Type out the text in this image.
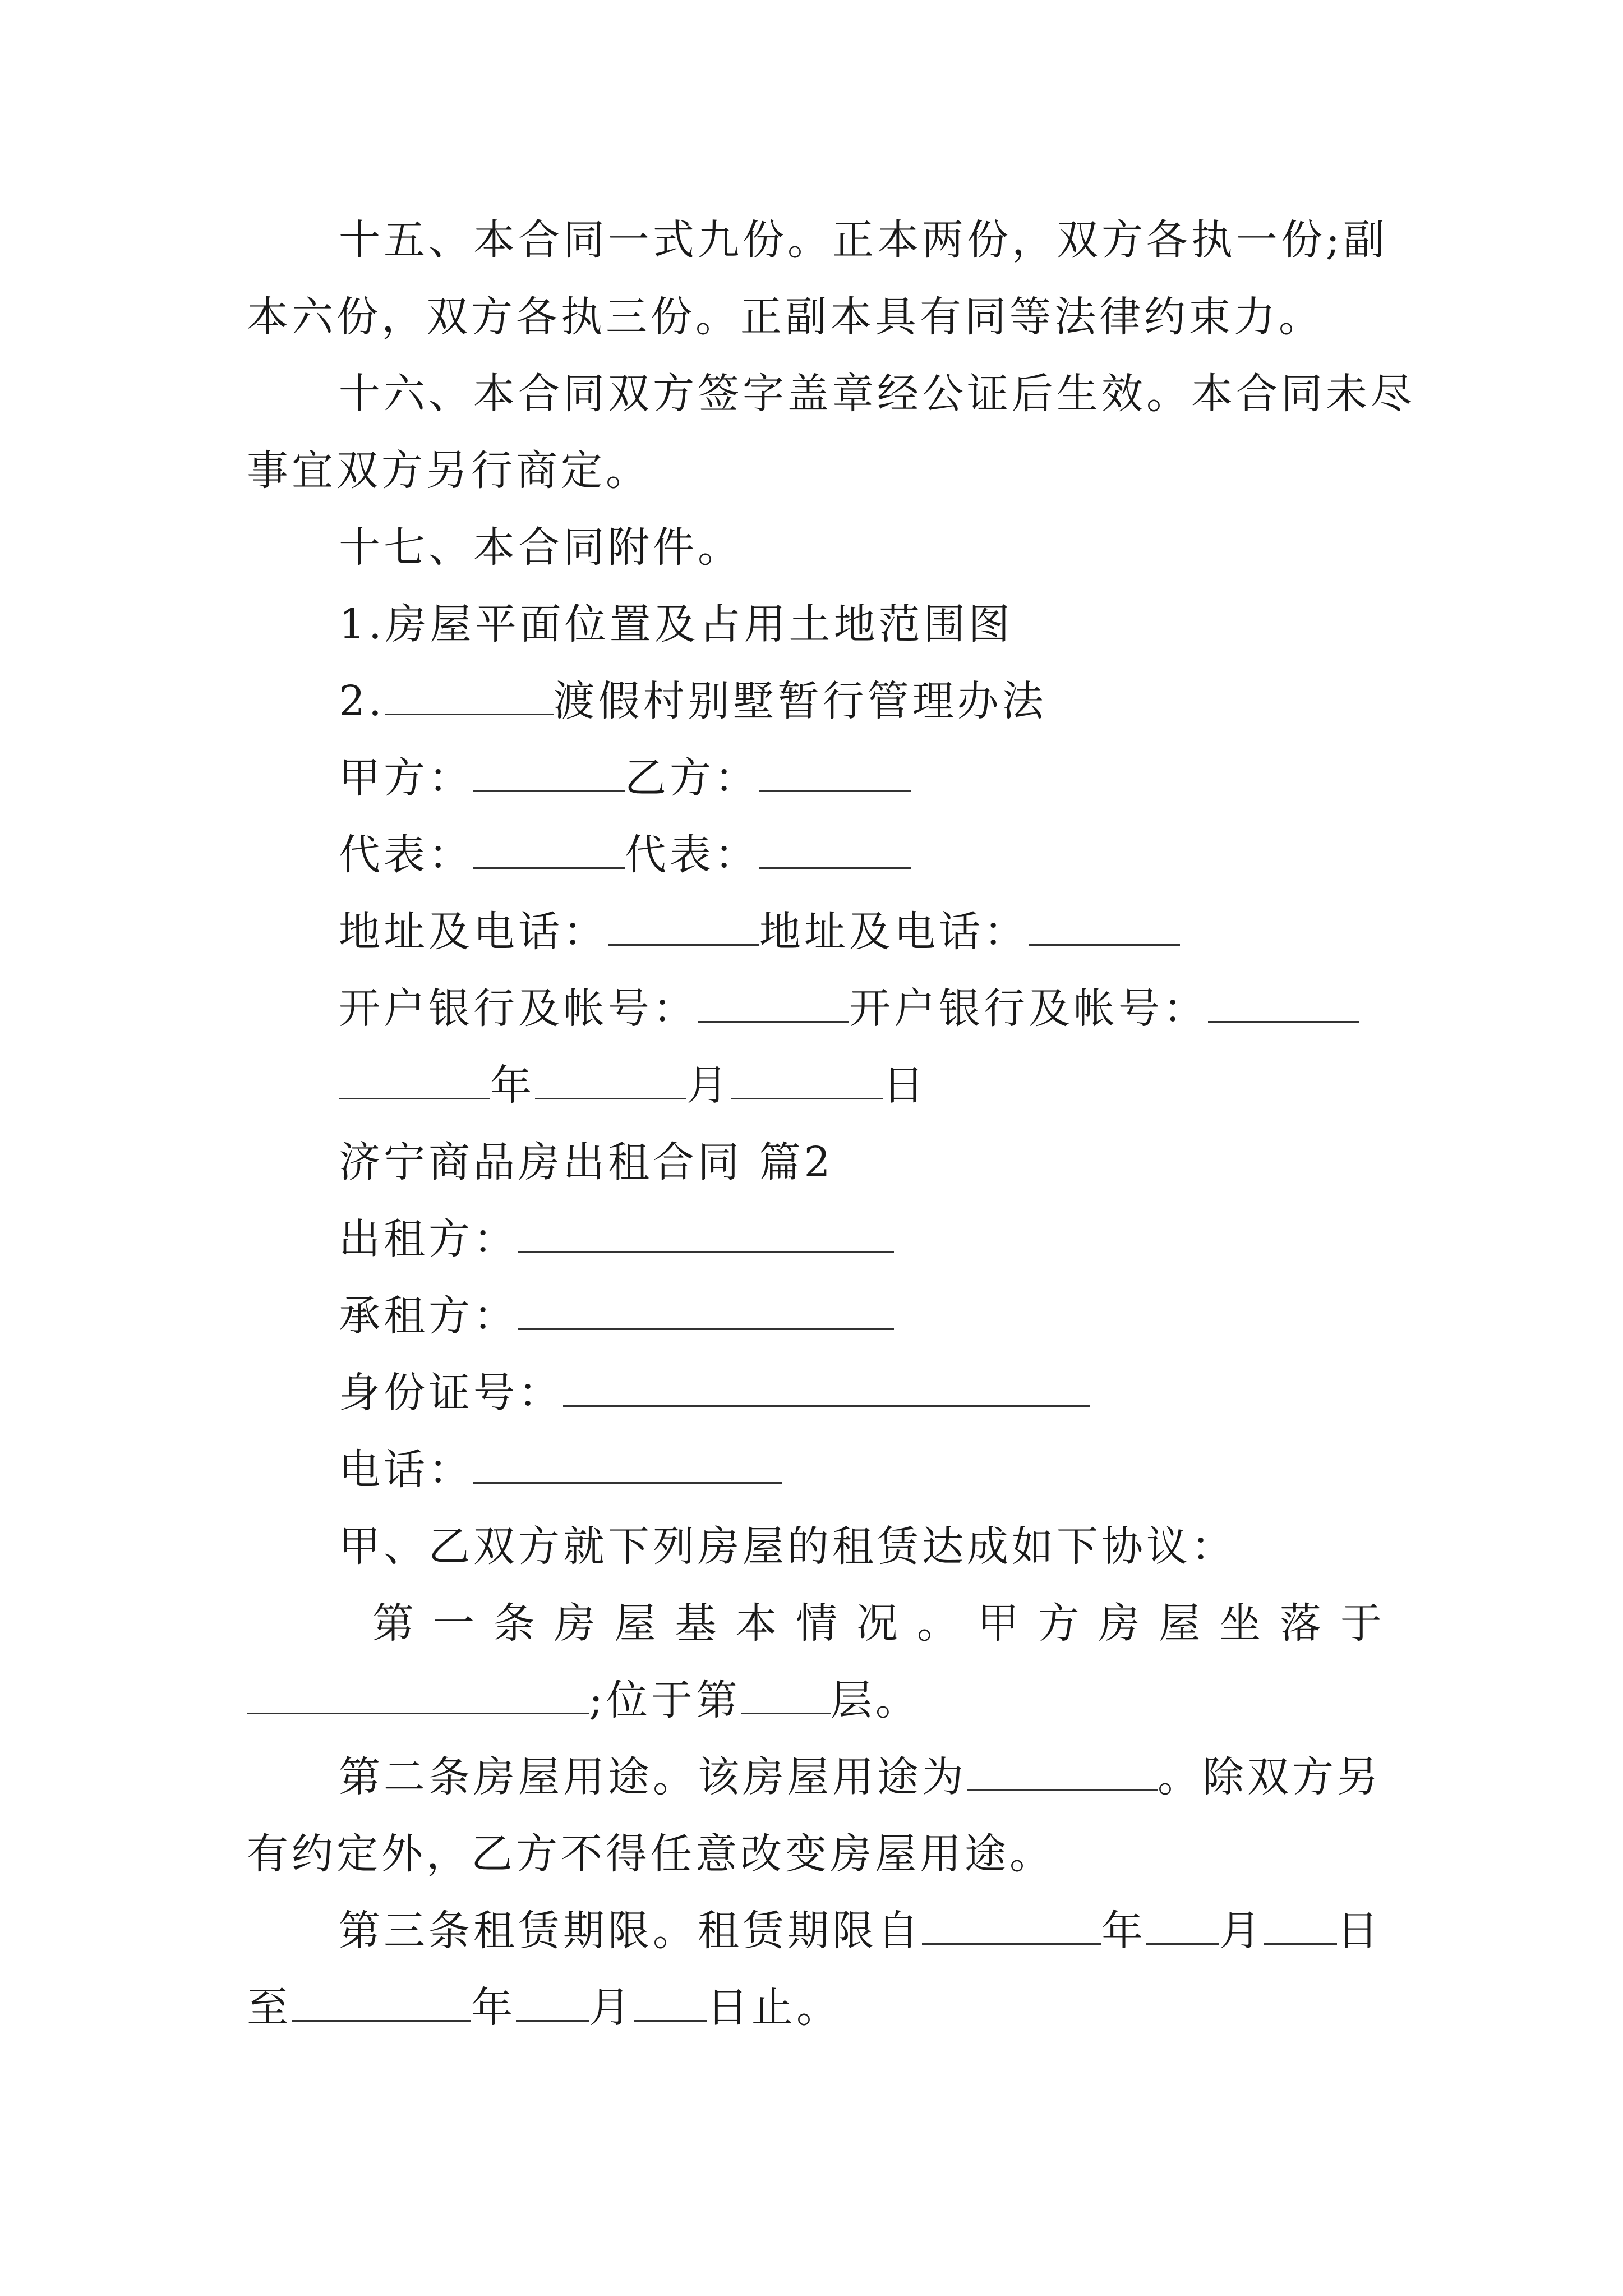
十五、本合同一式九份。正本两份，双方各执一份;副
本六份，双方各执三份。正副本具有同等法律约束力。
十六、本合同双方签字盖章经公证后生效。本合同未尽
事宜双方另行商定。
十七、本合同附件。
1.房屋平面位置及占用土地范围图
2.	渡假村别墅暂行管理办法
甲方：	乙方：
代表：	代表：
地址及电话：	地址及电话：
开户银行及帐号：	开户银行及帐号：
年	月	日
济宁商品房出租合同 篇2
出租方：
承租方：
身份证号：
电话：
甲、乙双方就下列房屋的租赁达成如下协议：
第 一 条 房 屋 基 本 情 况 。 甲 方 房 屋 坐 落 于
;位于第 层。
第二条房屋用途。该房屋用途为	。除双方另
有约定外，乙方不得任意改变房屋用途。
第三条租赁期限。租赁期限自	年 月 日
至	年 月 日止。
